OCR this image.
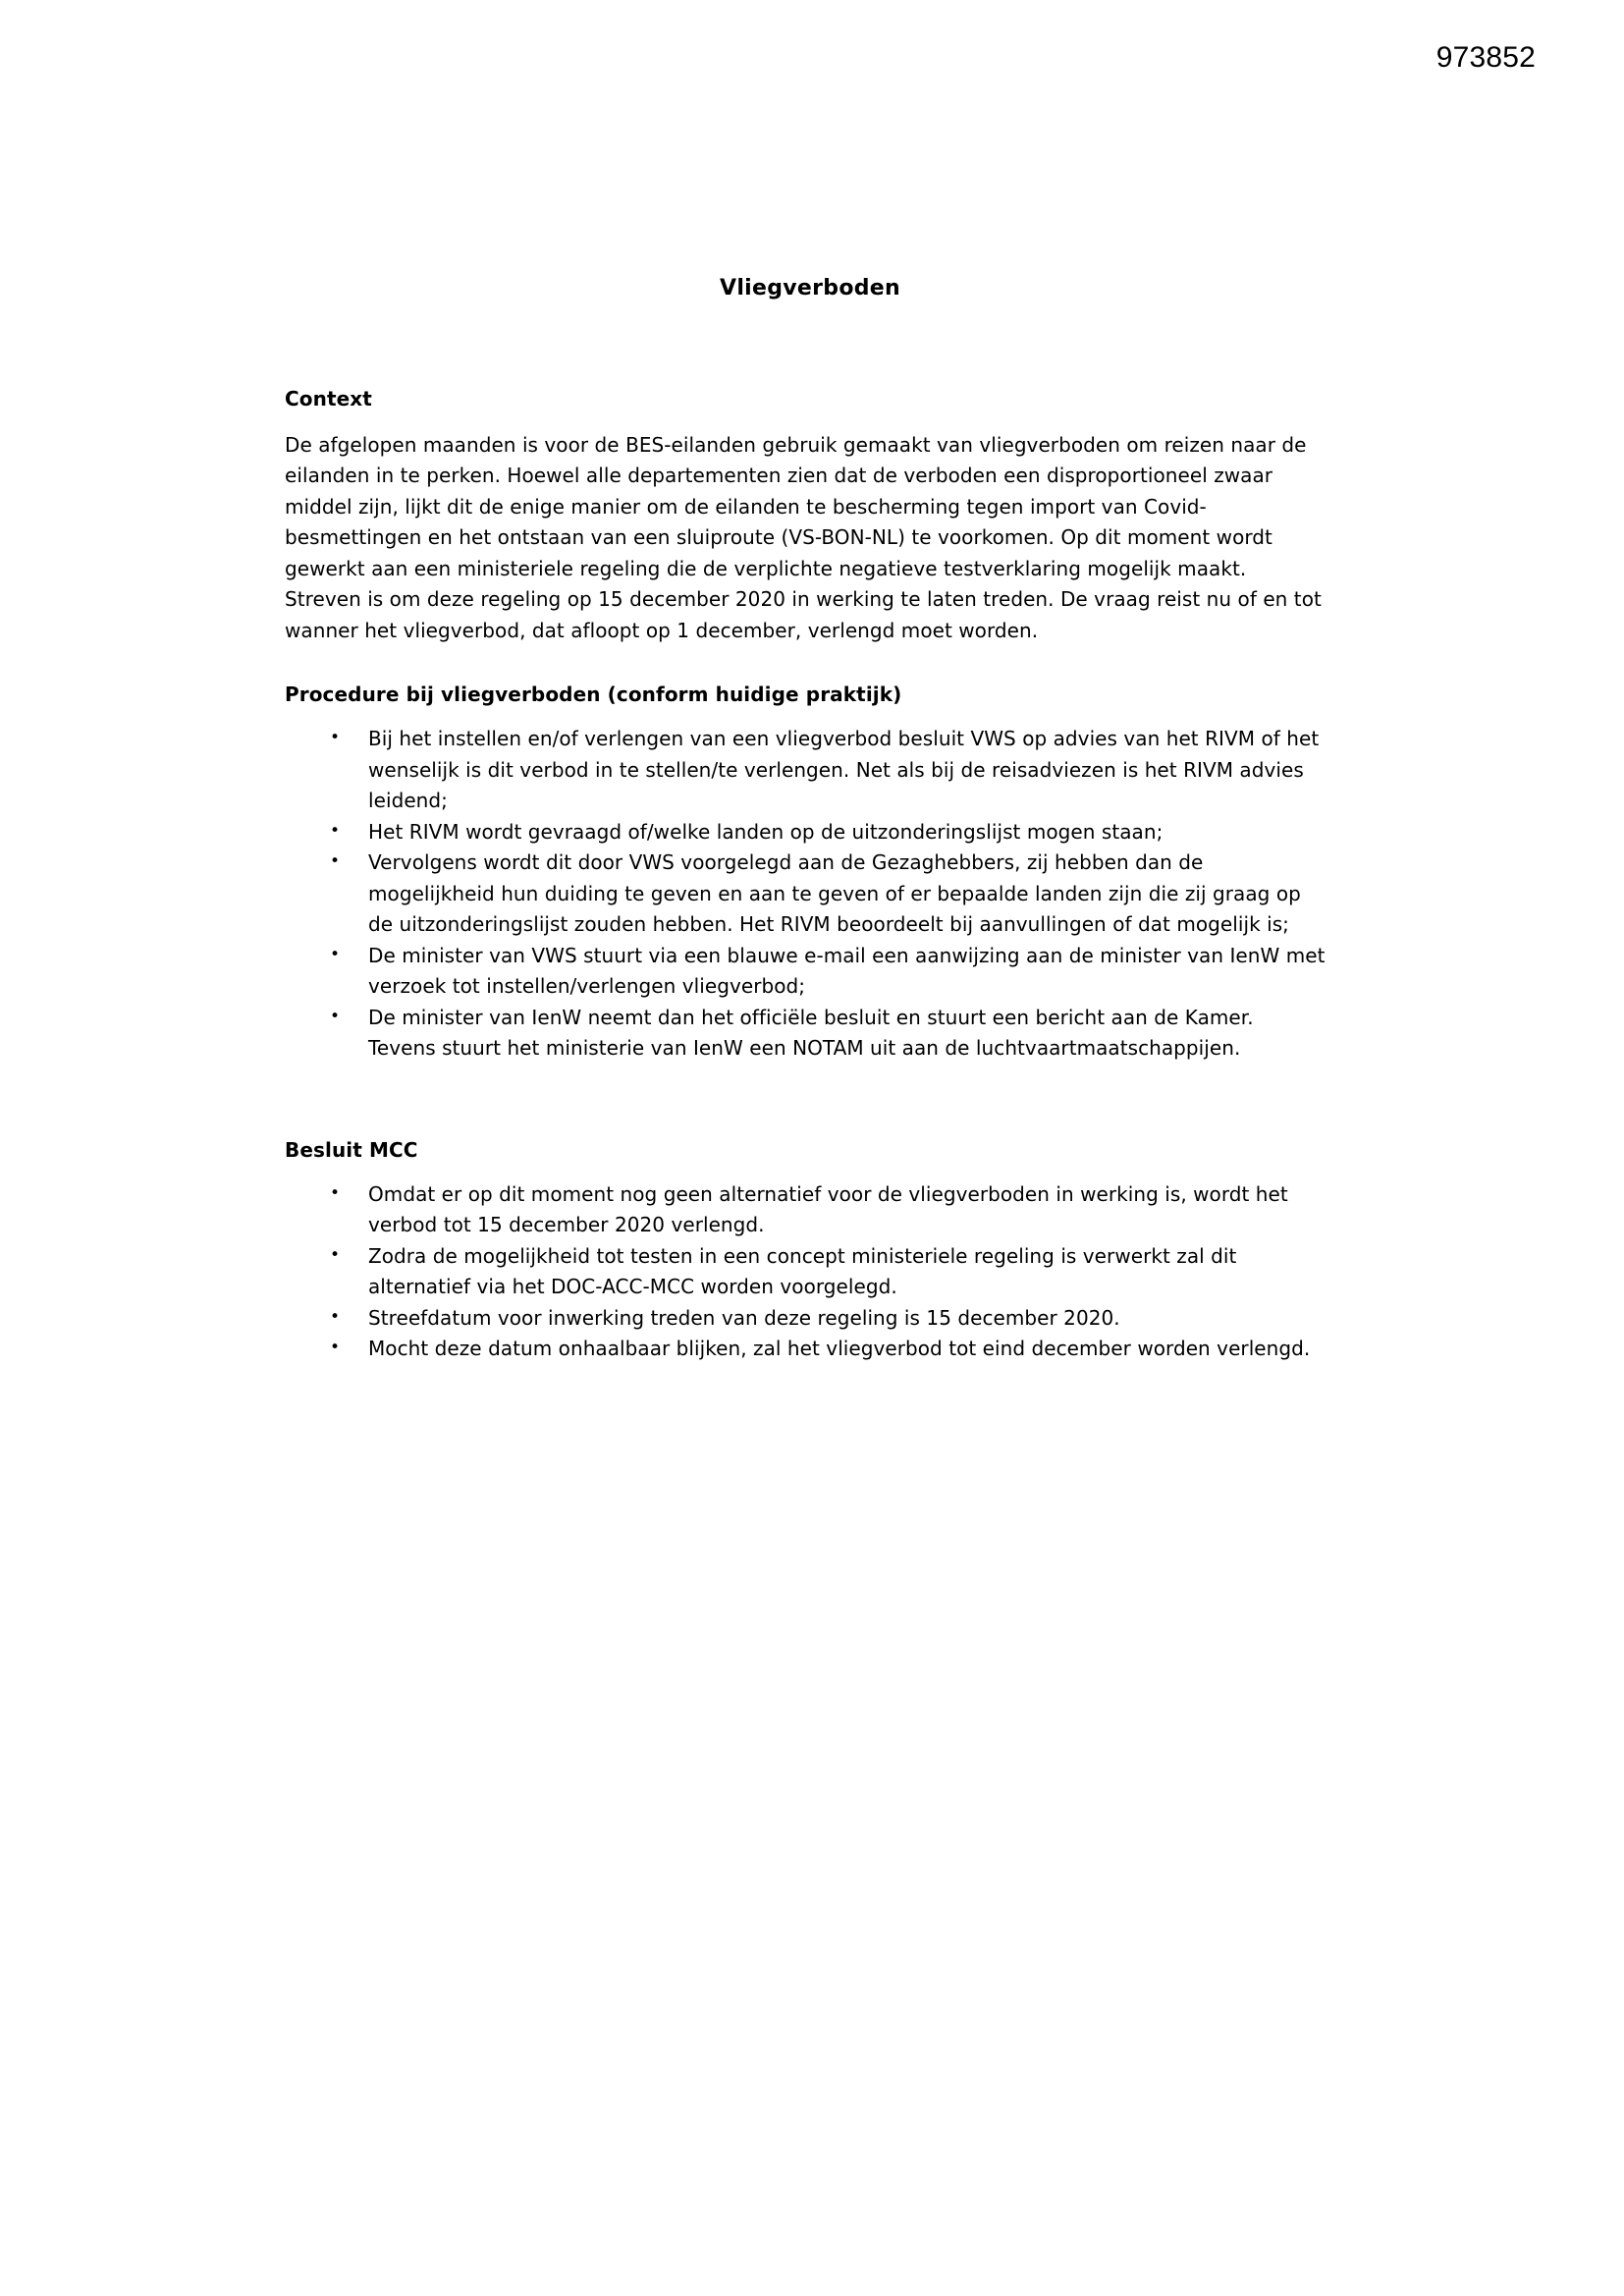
973852
Vliegverboden
Context

De afgelopen maanden is voor de BES-eilanden gebruik gemaakt van vliegverboden om reizen naar de eilanden in te perken. Hoewel alle departementen zien dat de verboden een disproportioneel zwaar middel zijn, lijkt dit de enige manier om de eilanden te bescherming tegen import van Covid-besmettingen en het ontstaan van een sluiproute (VS-BON-NL) te voorkomen. Op dit moment wordt gewerkt aan een ministeriele regeling die de verplichte negatieve testverklaring mogelijk maakt. Streven is om deze regeling op 15 december 2020 in werking te laten treden. De vraag reist nu of en tot wanner het vliegverbod, dat afloopt op 1 december, verlengd moet worden.

Procedure bij vliegverboden (conform huidige praktijk)
• Bij het instellen en/of verlengen van een vliegverbod besluit VWS op advies van het RIVM of het wenselijk is dit verbod in te stellen/te verlengen. Net als bij de reisadviezen is het RIVM advies leidend;
• Het RIVM wordt gevraagd of/welke landen op de uitzonderingslijst mogen staan;
• Vervolgens wordt dit door VWS voorgelegd aan de Gezaghebbers, zij hebben dan de mogelijkheid hun duiding te geven en aan te geven of er bepaalde landen zijn die zij graag op de uitzonderingslijst zouden hebben. Het RIVM beoordeelt bij aanvullingen of dat mogelijk is;
• De minister van VWS stuurt via een blauwe e-mail een aanwijzing aan de minister van IenW met verzoek tot instellen/verlengen vliegverbod;
• De minister van IenW neemt dan het officiële besluit en stuurt een bericht aan de Kamer. Tevens stuurt het ministerie van IenW een NOTAM uit aan de luchtvaartmaatschappijen.
Besluit MCC
• Omdat er op dit moment nog geen alternatief voor de vliegverboden in werking is, wordt het verbod tot 15 december 2020 verlengd.
• Zodra de mogelijkheid tot testen in een concept ministeriele regeling is verwerkt zal dit alternatief via het DOC-ACC-MCC worden voorgelegd.
• Streefdatum voor inwerking treden van deze regeling is 15 december 2020.
• Mocht deze datum onhaalbaar blijken, zal het vliegverbod tot eind december worden verlengd.
